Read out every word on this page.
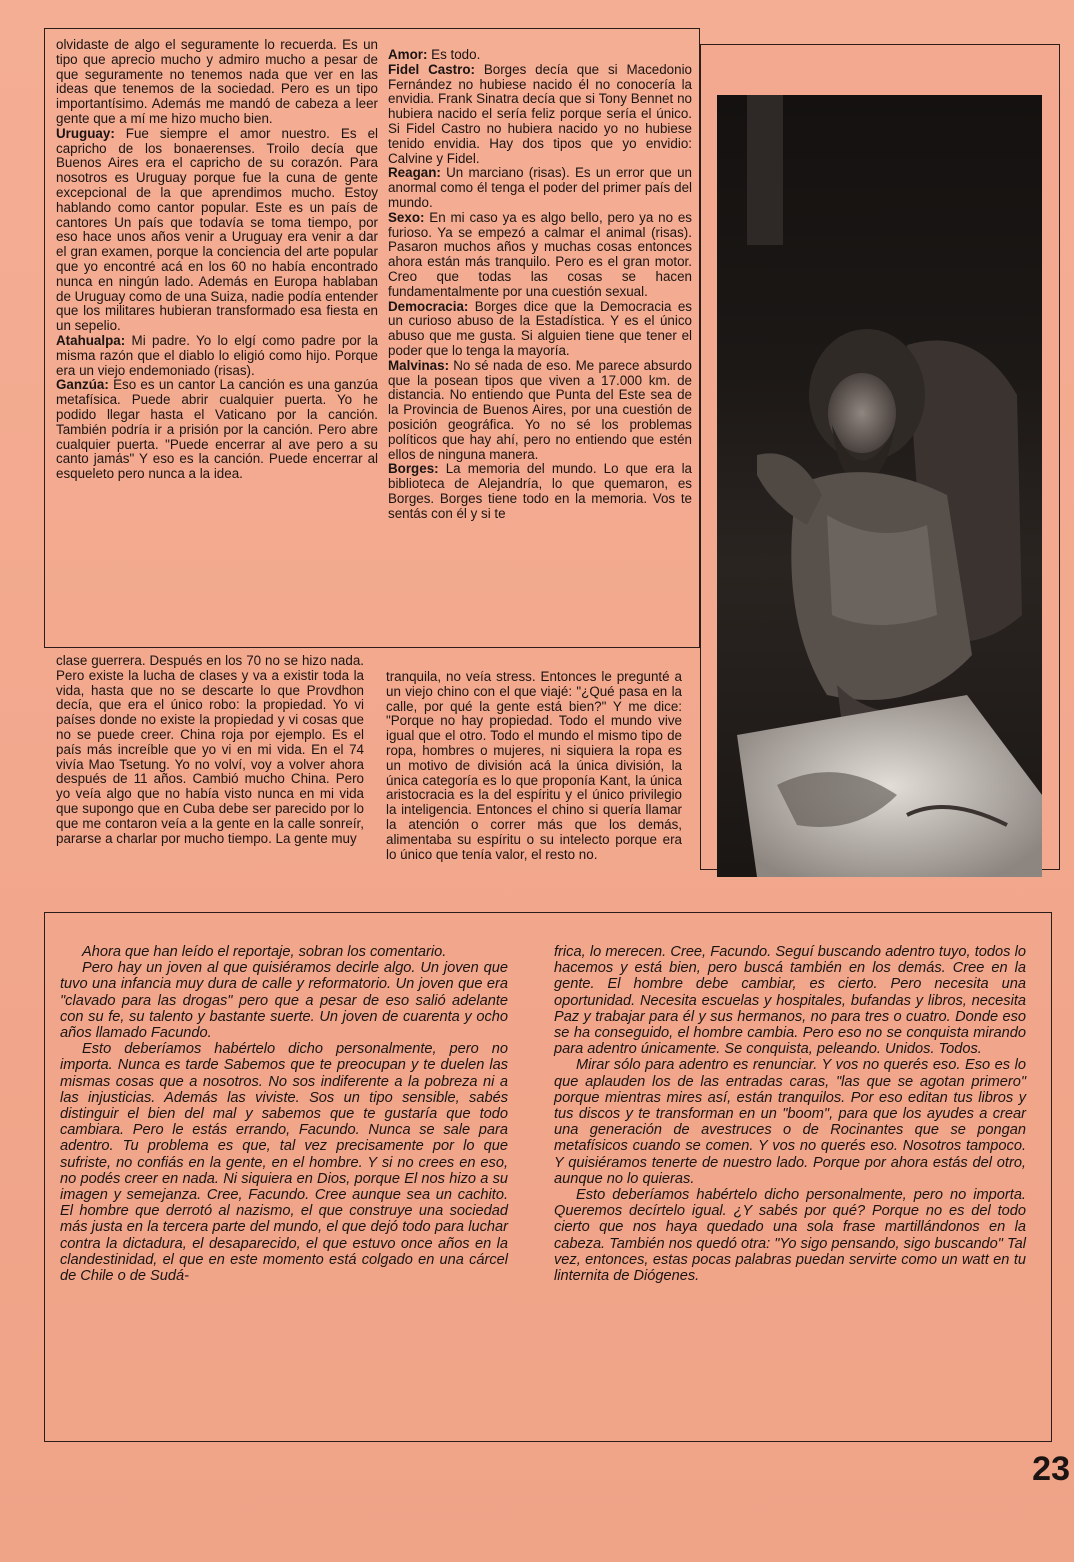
olvidaste de algo el seguramente lo recuerda. Es un tipo que aprecio mucho y admiro mucho a pesar de que seguramente no tenemos nada que ver en las ideas que tenemos de la sociedad. Pero es un tipo importantísimo. Además me mandó de cabeza a leer gente que a mí me hizo mucho bien.

Uruguay: Fue siempre el amor nuestro. Es el capricho de los bonaerenses. Troilo decía que Buenos Aires era el capricho de su corazón. Para nosotros es Uruguay porque fue la cuna de gente excepcional de la que aprendimos mucho. Estoy hablando como cantor popular. Este es un país de cantores Un país que todavía se toma tiempo, por eso hace unos años venir a Uruguay era venir a dar el gran examen, porque la conciencia del arte popular que yo encontré acá en los 60 no había encontrado nunca en ningún lado. Además en Europa hablaban de Uruguay como de una Suiza, nadie podía entender que los militares hubieran transformado esa fiesta en un sepelio.

Atahualpa: Mi padre. Yo lo elgí como padre por la misma razón que el diablo lo eligió como hijo. Porque era un viejo endemoniado (risas).

Ganzúa: Eso es un cantor La canción es una ganzúa metafísica. Puede abrir cualquier puerta. Yo he podido llegar hasta el Vaticano por la canción. También podría ir a prisión por la canción. Pero abre cualquier puerta. "Puede encerrar al ave pero a su canto jamás" Y eso es la canción. Puede encerrar al esqueleto pero nunca a la idea.

Amor: Es todo.

Fidel Castro: Borges decía que si Macedonio Fernández no hubiese nacido él no conocería la envidia. Frank Sinatra decía que si Tony Bennet no hubiera nacido el sería feliz porque sería el único. Si Fidel Castro no hubiera nacido yo no hubiese tenido envidia. Hay dos tipos que yo envidio: Calvine y Fidel.

Reagan: Un marciano (risas). Es un error que un anormal como él tenga el poder del primer país del mundo.

Sexo: En mi caso ya es algo bello, pero ya no es furioso. Ya se empezó a calmar el animal (risas). Pasaron muchos años y muchas cosas entonces ahora están más tranquilo. Pero es el gran motor. Creo que todas las cosas se hacen fundamentalmente por una cuestión sexual.

Democracia: Borges dice que la Democracia es un curioso abuso de la Estadística. Y es el único abuso que me gusta. Si alguien tiene que tener el poder que lo tenga la mayoría.

Malvinas: No sé nada de eso. Me parece absurdo que la posean tipos que viven a 17.000 km. de distancia. No entiendo que Punta del Este sea de la Provincia de Buenos Aires, por una cuestión de posición geográfica. Yo no sé los problemas políticos que hay ahí, pero no entiendo que estén ellos de ninguna manera.

Borges: La memoria del mundo. Lo que era la biblioteca de Alejandría, lo que quemaron, es Borges. Borges tiene todo en la memoria. Vos te sentás con él y si te

clase guerrera. Después en los 70 no se hizo nada. Pero existe la lucha de clases y va a existir toda la vida, hasta que no se descarte lo que Provdhon decía, que era el único robo: la propiedad. Yo vi países donde no existe la propiedad y vi cosas que no se puede creer. China roja por ejemplo. Es el país más increíble que yo vi en mi vida. En el 74 vivía Mao Tsetung. Yo no volví, voy a volver ahora después de 11 años. Cambió mucho China. Pero yo veía algo que no había visto nunca en mi vida que supongo que en Cuba debe ser parecido por lo que me contaron veía a la gente en la calle sonreír, pararse a charlar por mucho tiempo. La gente muy

tranquila, no veía stress. Entonces le pregunté a un viejo chino con el que viajé: "¿Qué pasa en la calle, por qué la gente está bien?" Y me dice: "Porque no hay propiedad. Todo el mundo vive igual que el otro. Todo el mundo el mismo tipo de ropa, hombres o mujeres, ni siquiera la ropa es un motivo de división acá la única división, la única categoría es lo que proponía Kant, la única aristocracia es la del espíritu y el único privilegio la inteligencia. Entonces el chino si quería llamar la atención o correr más que los demás, alimentaba su espíritu o su intelecto porque era lo único que tenía valor, el resto no.

Ahora que han leído el reportaje, sobran los comentario.

Pero hay un joven al que quisiéramos decirle algo. Un joven que tuvo una infancia muy dura de calle y reformatorio. Un joven que era "clavado para las drogas" pero que a pesar de eso salió adelante con su fe, su talento y bastante suerte. Un joven de cuarenta y ocho años llamado Facundo.

Esto deberíamos habértelo dicho personalmente, pero no importa. Nunca es tarde Sabemos que te preocupan y te duelen las mismas cosas que a nosotros. No sos indiferente a la pobreza ni a las injusticias. Además las viviste. Sos un tipo sensible, sabés distinguir el bien del mal y sabemos que te gustaría que todo cambiara. Pero le estás errando, Facundo. Nunca se sale para adentro. Tu problema es que, tal vez precisamente por lo que sufriste, no confiás en la gente, en el hombre. Y si no crees en eso, no podés creer en nada. Ni siquiera en Dios, porque El nos hizo a su imagen y semejanza. Cree, Facundo. Cree aunque sea un cachito. El hombre que derrotó al nazismo, el que construye una sociedad más justa en la tercera parte del mundo, el que dejó todo para luchar contra la dictadura, el desaparecido, el que estuvo once años en la clandestinidad, el que en este momento está colgado en una cárcel de Chile o de Sudá-

frica, lo merecen. Cree, Facundo. Seguí buscando adentro tuyo, todos lo hacemos y está bien, pero buscá también en los demás. Cree en la gente. El hombre debe cambiar, es cierto. Pero necesita una oportunidad. Necesita escuelas y hospitales, bufandas y libros, necesita Paz y trabajar para él y sus hermanos, no para tres o cuatro. Donde eso se ha conseguido, el hombre cambia. Pero eso no se conquista mirando para adentro únicamente. Se conquista, peleando. Unidos. Todos.

Mirar sólo para adentro es renunciar. Y vos no querés eso. Eso es lo que aplauden los de las entradas caras, "las que se agotan primero" porque mientras mires así, están tranquilos. Por eso editan tus libros y tus discos y te transforman en un "boom", para que los ayudes a crear una generación de avestruces o de Rocinantes que se pongan metafísicos cuando se comen. Y vos no querés eso. Nosotros tampoco. Y quisiéramos tenerte de nuestro lado. Porque por ahora estás del otro, aunque no lo quieras.

Esto deberíamos habértelo dicho personalmente, pero no importa. Queremos decírtelo igual. ¿Y sabés por qué? Porque no es del todo cierto que nos haya quedado una sola frase martillándonos en la cabeza. También nos quedó otra: "Yo sigo pensando, sigo buscando" Tal vez, entonces, estas pocas palabras puedan servirte como un watt en tu linternita de Diógenes.

23
